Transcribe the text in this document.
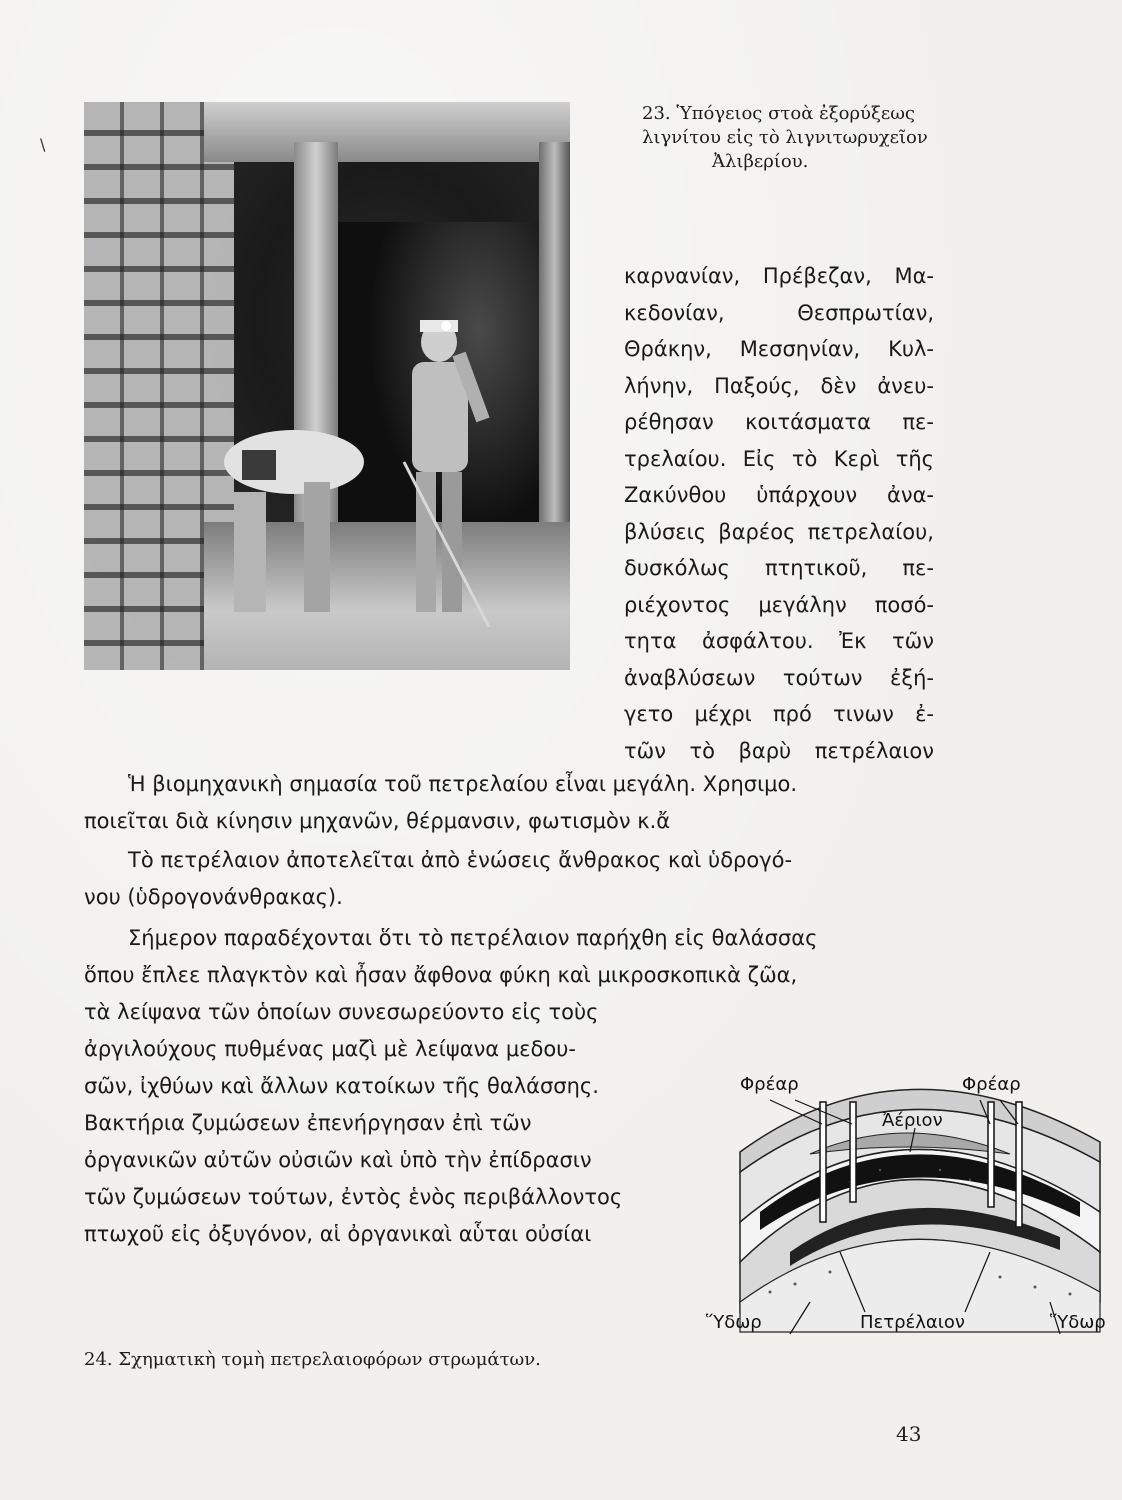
\
23. Ὑπόγειος στοὰ ἐξορύξεως
λιγνίτου εἰς τὸ λιγνιτωρυχεῖον
Ἀλιβερίου.
καρνανίαν, Πρέβεζαν, Μα-
κεδονίαν, Θεσπρωτίαν,
Θράκην, Μεσσηνίαν, Κυλ-
λήνην, Παξούς, δὲν ἀνευ-
ρέθησαν κοιτάσματα πε-
τρελαίου. Εἰς τὸ Κερὶ τῆς
Ζακύνθου ὑπάρχουν ἀνα-
βλύσεις βαρέος πετρελαίου,
δυσκόλως πτητικοῦ, πε-
ριέχοντος μεγάλην ποσό-
τητα ἀσφάλτου. Ἐκ τῶν
ἀναβλύσεων τούτων ἐξή-
γετο μέχρι πρό τινων ἐ-
τῶν τὸ βαρὺ πετρέλαιον
Ἡ βιομηχανικὴ σημασία τοῦ πετρελαίου εἶναι μεγάλη. Χρησιμο.
ποιεῖται διὰ κίνησιν μηχανῶν, θέρμανσιν, φωτισμὸν κ.ἄ
Τὸ πετρέλαιον ἀποτελεῖται ἀπὸ ἑνώσεις ἄνθρακος καὶ ὑδρογό-
νου (ὑδρογονάνθρακας).
Σήμερον παραδέχονται ὅτι τὸ πετρέλαιον παρήχθη εἰς θαλάσσας
ὅπου ἔπλεε πλαγκτὸν καὶ ἦσαν ἄφθονα φύκη καὶ μικροσκοπικὰ ζῶα,
τὰ λείψανα τῶν ὁποίων συνεσωρεύοντο εἰς τοὺς
ἀργιλούχους πυθμένας μαζὶ μὲ λείψανα μεδου-
σῶν, ἰχθύων καὶ ἄλλων κατοίκων τῆς θαλάσσης.
Βακτήρια ζυμώσεων ἐπενήργησαν ἐπὶ τῶν
ὀργανικῶν αὐτῶν οὐσιῶν καὶ ὑπὸ τὴν ἐπίδρασιν
τῶν ζυμώσεων τούτων, ἐντὸς ἑνὸς περιβάλλοντος
πτωχοῦ εἰς ὀξυγόνον, αἱ ὀργανικαὶ αὗται οὐσίαι
Φρέαρ	Φρέαρ
Ἀέριον
Ὕδωρ	Πετρέλαιον	Ὕδωρ
24. Σχηματικὴ τομὴ πετρελαιοφόρων στρωμάτων.
43
